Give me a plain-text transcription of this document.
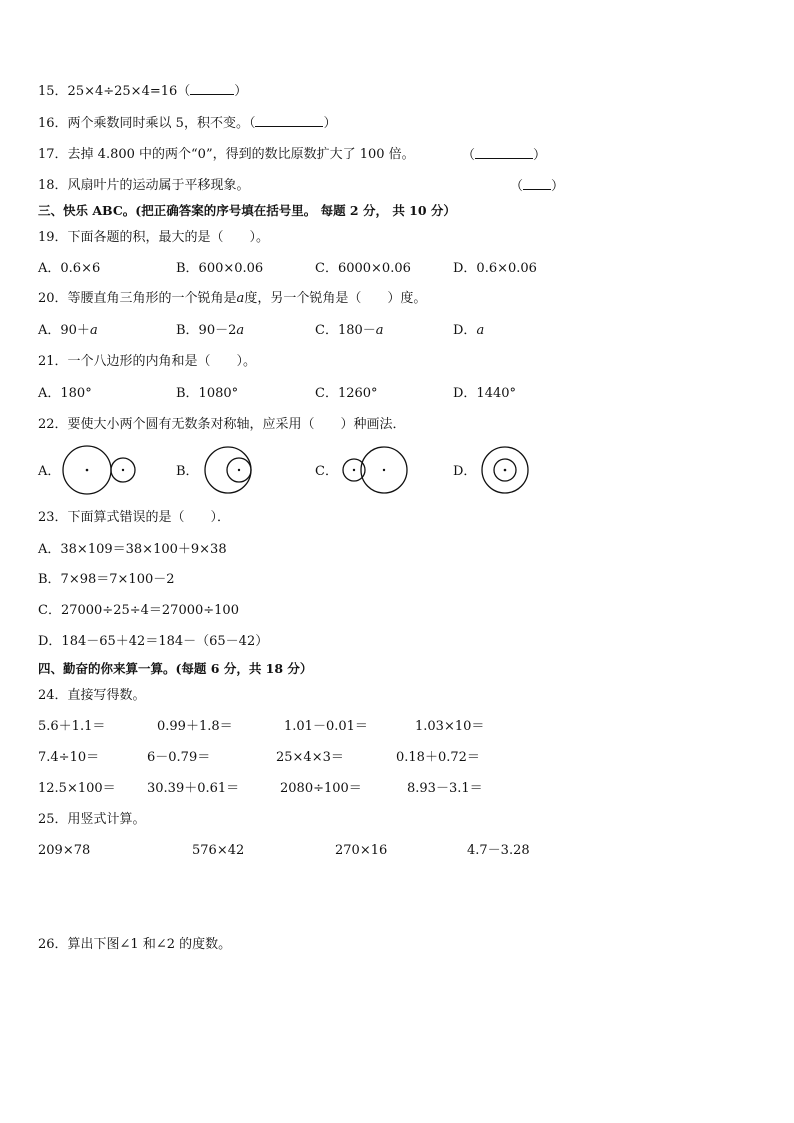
15．25×4÷25×4=16（	）
16．两个乘数同时乘以 5，积不变。（	）
17．去掉 4.800 中的两个“0”，得到的数比原数扩大了 100 倍。	（	）
18．风扇叶片的运动属于平移现象。	（ ）
三、快乐 ABC。(把正确答案的序号填在括号里。 每题 2 分， 共 10 分）
19．下面各题的积，最大的是（　　）。
A．0.6×6	B．600×0.06	C．6000×0.06	D．0.6×0.06
20．等腰直角三角形的一个锐角是a度，另一个锐角是（　　）度。
A．90＋a	B．90－2a	C．180－a	D．a
21．一个八边形的内角和是（　　）。
A．180°	B．1080°	C．1260°	D．1440°
22．要使大小两个圆有无数条对称轴，应采用（　　）种画法．
A．	B．	C．	D．
23．下面算式错误的是（　　）．
A．38×109＝38×100＋9×38
B．7×98＝7×100－2
C．27000÷25÷4＝27000÷100
D．184－65＋42＝184－（65－42）
四、勤奋的你来算一算。(每题 6 分，共 18 分）
24．直接写得数。
5.6＋1.1＝	0.99＋1.8＝	1.01－0.01＝	1.03×10＝
7.4÷10＝	6－0.79＝	25×4×3＝	0.18＋0.72＝
12.5×100＝ 30.39＋0.61＝	2080÷100＝	8.93－3.1＝
25．用竖式计算。
209×78	576×42	270×16	4.7－3.28
26．算出下图∠1 和∠2 的度数。
